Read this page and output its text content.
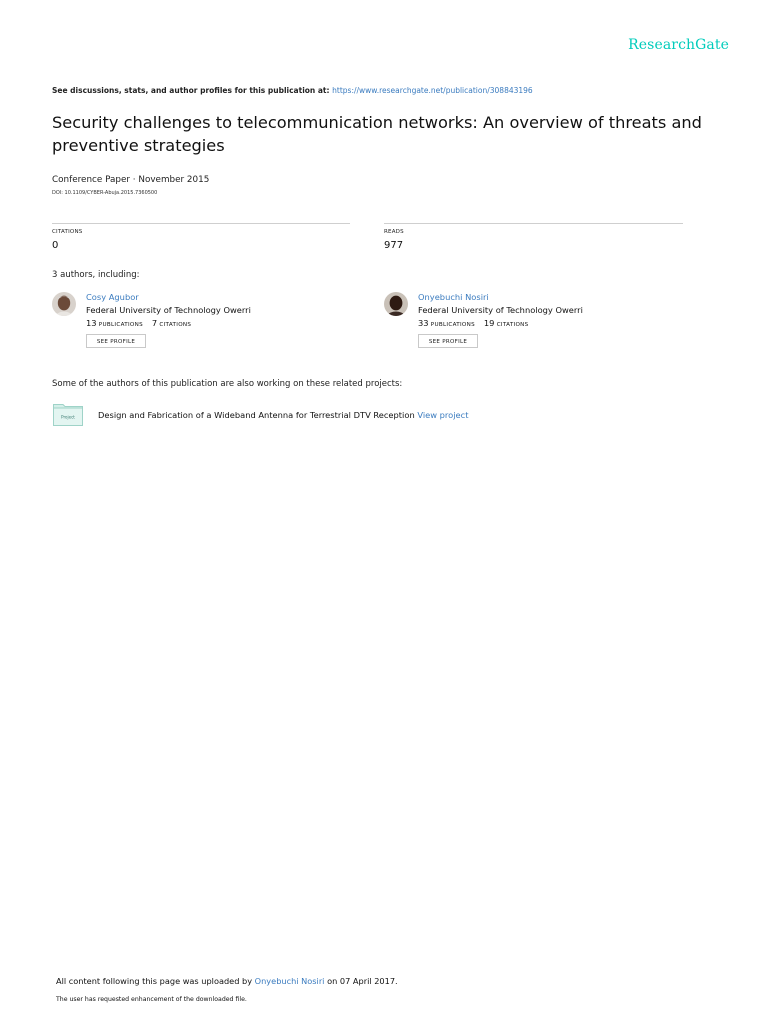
ResearchGate
See discussions, stats, and author profiles for this publication at: https://www.researchgate.net/publication/308843196
Security challenges to telecommunication networks: An overview of threats and preventive strategies
Conference Paper · November 2015
DOI: 10.1109/CYBER-Abuja.2015.7360500
CITATIONS
0
READS
977
3 authors, including:
Cosy Agubor
Federal University of Technology Owerri
13 PUBLICATIONS 7 CITATIONS
SEE PROFILE
Onyebuchi Nosiri
Federal University of Technology Owerri
33 PUBLICATIONS 19 CITATIONS
SEE PROFILE
Some of the authors of this publication are also working on these related projects:
Project	Design and Fabrication of a Wideband Antenna for Terrestrial DTV Reception View project
All content following this page was uploaded by Onyebuchi Nosiri on 07 April 2017.
The user has requested enhancement of the downloaded file.
